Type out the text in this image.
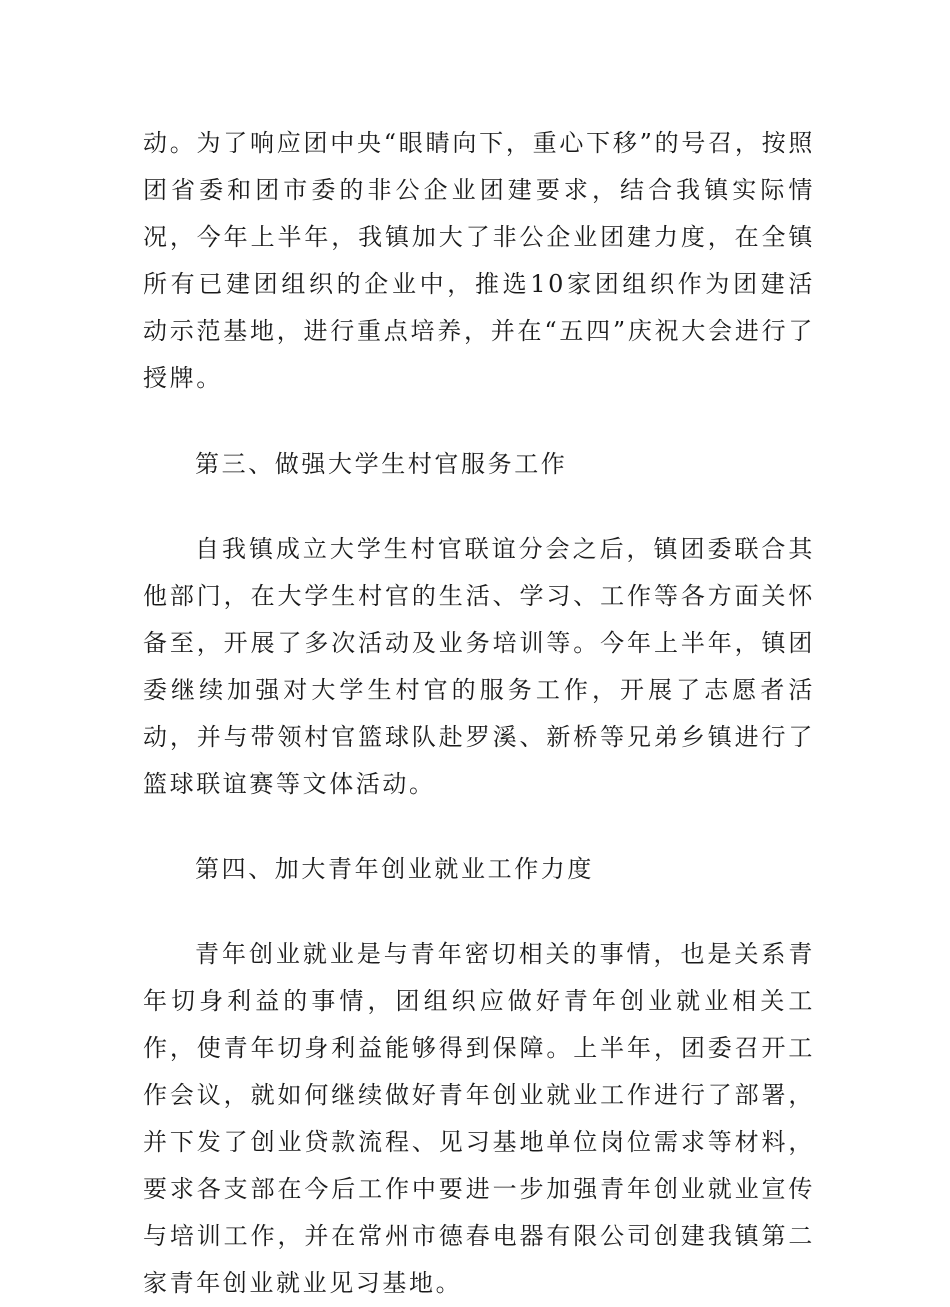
动。为了响应团中央“眼睛向下，重心下移”的号召，按照团省委和团市委的非公企业团建要求，结合我镇实际情况，今年上半年，我镇加大了非公企业团建力度，在全镇所有已建团组织的企业中，推选10家团组织作为团建活动示范基地，进行重点培养，并在“五四”庆祝大会进行了授牌。

第三、做强大学生村官服务工作

自我镇成立大学生村官联谊分会之后，镇团委联合其他部门，在大学生村官的生活、学习、工作等各方面关怀备至，开展了多次活动及业务培训等。今年上半年，镇团委继续加强对大学生村官的服务工作，开展了志愿者活动，并与带领村官篮球队赴罗溪、新桥等兄弟乡镇进行了篮球联谊赛等文体活动。

第四、加大青年创业就业工作力度

青年创业就业是与青年密切相关的事情，也是关系青年切身利益的事情，团组织应做好青年创业就业相关工作，使青年切身利益能够得到保障。上半年，团委召开工作会议，就如何继续做好青年创业就业工作进行了部署，并下发了创业贷款流程、见习基地单位岗位需求等材料，要求各支部在今后工作中要进一步加强青年创业就业宣传与培训工作，并在常州市德春电器有限公司创建我镇第二家青年创业就业见习基地。
